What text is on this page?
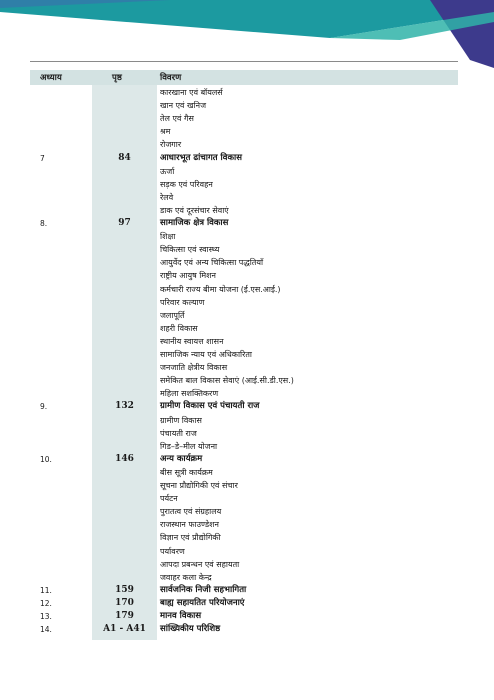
अध्याय	पृष्ठ	विवरण
कारखाना एवं बॉयलर्स
खान एवं खनिज
तेल एवं गैस
श्रम
रोजगार
7	84	आधारभूत ढांचागत विकास
ऊर्जा
सड़क एवं परिवहन
रेलवे
डाक एवं दूरसंचार सेवाएं
8.	97	सामाजिक क्षेत्र विकास
शिक्षा
चिकित्सा एवं स्वास्थ्य
आयुर्वेद एवं अन्य चिकित्सा पद्धतियाँ
राष्ट्रीय आयुष मिशन
कर्मचारी राज्य बीमा योजना (ई.एस.आई.)
परिवार कल्याण
जलापूर्ति
शहरी विकास
स्थानीय स्वायत्त शासन
सामाजिक न्याय एवं अधिकारिता
जनजाति क्षेत्रीय विकास
समेकित बाल विकास सेवाएं (आई.सी.डी.एस.)
महिला सशक्तिकरण
9.	132	ग्रामीण विकास एवं पंचायती राज
ग्रामीण विकास
पंचायती राज
गिड–डे–मील योजना
10.	146	अन्य कार्यक्रम
बीस सूत्री कार्यक्रम
सूचना प्रौद्योगिकी एवं संचार
पर्यटन
पुरातत्व एवं संग्रहालय
राजस्थान फाउण्डेशन
विज्ञान एवं प्रौद्योगिकी
पर्यावरण
आपदा प्रबन्धन एवं सहायता
जवाहर कला केन्द्र
11.	159	सार्वजनिक निजी सहभागिता
12.	170	बाह्य सहायतित परियोजनाएं
13.	179	मानव विकास
14.	A1 - A41	सांख्यिकीय परिशिष्ठ
